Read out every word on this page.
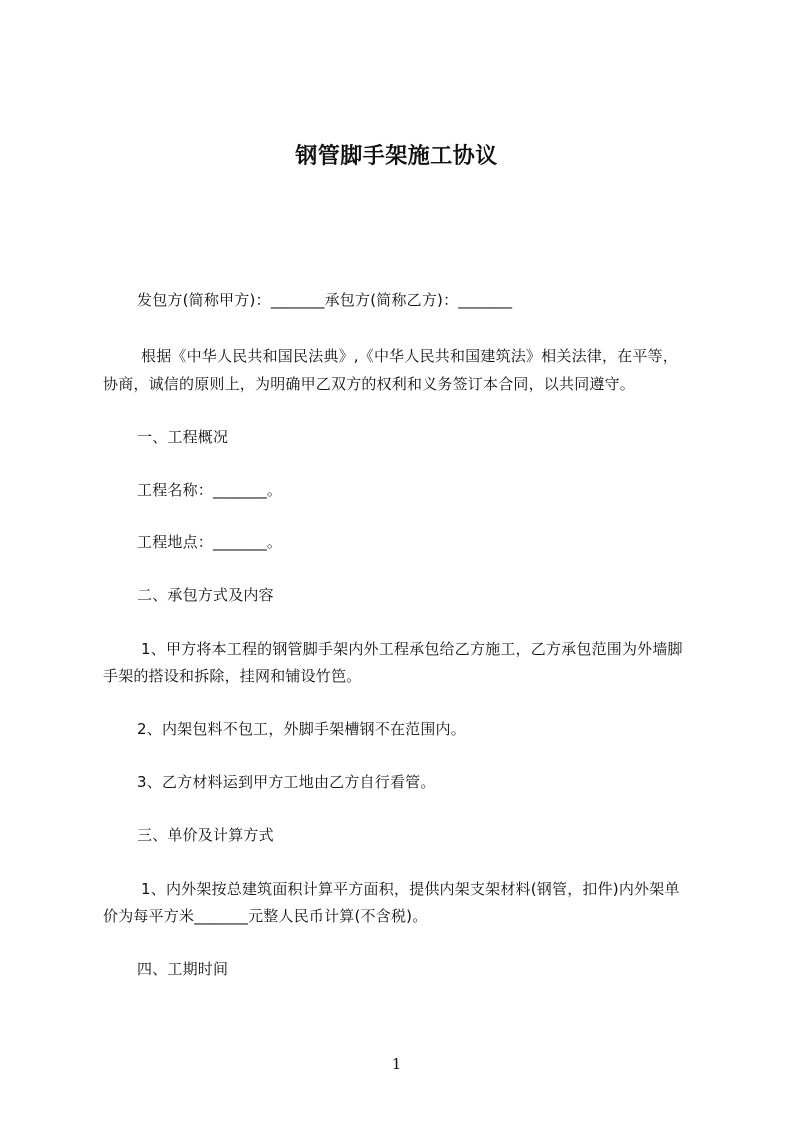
钢管脚手架施工协议
发包方(简称甲方)：_______承包方(简称乙方)：_______
根据《中华人民共和国民法典》,《中华人民共和国建筑法》相关法律，在平等，
协商，诚信的原则上，为明确甲乙双方的权利和义务签订本合同，以共同遵守。
一、工程概况
工程名称：_______。
工程地点：_______。
二、承包方式及内容
1、甲方将本工程的钢管脚手架内外工程承包给乙方施工，乙方承包范围为外墙脚
手架的搭设和拆除，挂网和铺设竹笆。
2、内架包料不包工，外脚手架槽钢不在范围内。
3、乙方材料运到甲方工地由乙方自行看管。
三、单价及计算方式
1、内外架按总建筑面积计算平方面积，提供内架支架材料(钢管，扣件)内外架单
价为每平方米_______元整人民币计算(不含税)。
四、工期时间
1
